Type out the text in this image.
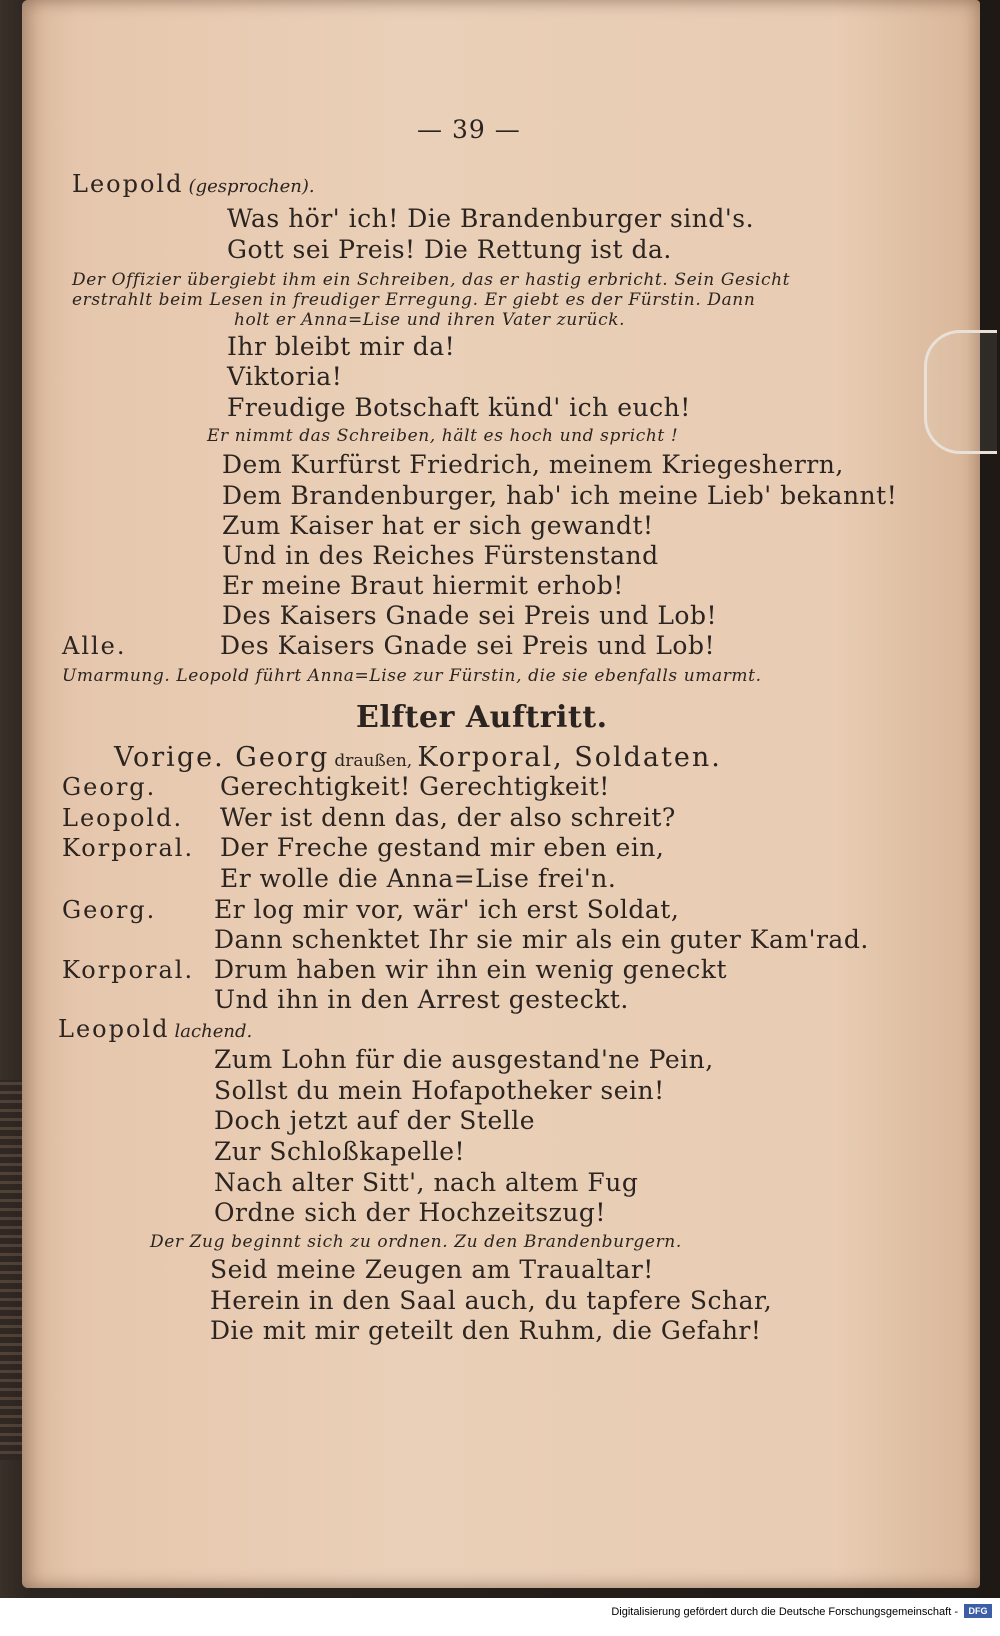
— 39 —
Leopold (gesprochen).
Was hör' ich! Die Brandenburger sind's.
Gott sei Preis! Die Rettung ist da.
Der Offizier übergiebt ihm ein Schreiben, das er hastig erbricht. Sein Gesicht
erstrahlt beim Lesen in freudiger Erregung. Er giebt es der Fürstin. Dann
holt er Anna=Lise und ihren Vater zurück.
Ihr bleibt mir da!
Viktoria!
Freudige Botschaft künd' ich euch!
Er nimmt das Schreiben, hält es hoch und spricht !
Dem Kurfürst Friedrich, meinem Kriegesherrn,
Dem Brandenburger, hab' ich meine Lieb' bekannt!
Zum Kaiser hat er sich gewandt!
Und in des Reiches Fürstenstand
Er meine Braut hiermit erhob!
Des Kaisers Gnade sei Preis und Lob!
Alle.	Des Kaisers Gnade sei Preis und Lob!
Umarmung. Leopold führt Anna=Lise zur Fürstin, die sie ebenfalls umarmt.
Elfter Auftritt.
Vorige. Georg draußen, Korporal, Soldaten.
Georg.	Gerechtigkeit! Gerechtigkeit!
Leopold. Wer ist denn das, der also schreit?
Korporal. Der Freche gestand mir eben ein,
Er wolle die Anna=Lise frei'n.
Georg. Er log mir vor, wär' ich erst Soldat,
Dann schenktet Ihr sie mir als ein guter Kam'rad.
Korporal. Drum haben wir ihn ein wenig geneckt
Und ihn in den Arrest gesteckt.
Leopold lachend.
Zum Lohn für die ausgestand'ne Pein,
Sollst du mein Hofapotheker sein!
Doch jetzt auf der Stelle
Zur Schloßkapelle!
Nach alter Sitt', nach altem Fug
Ordne sich der Hochzeitszug!
Der Zug beginnt sich zu ordnen. Zu den Brandenburgern.
Seid meine Zeugen am Traualtar!
Herein in den Saal auch, du tapfere Schar,
Die mit mir geteilt den Ruhm, die Gefahr!
Digitalisierung gefördert durch die Deutsche Forschungsgemeinschaft -	DFG
